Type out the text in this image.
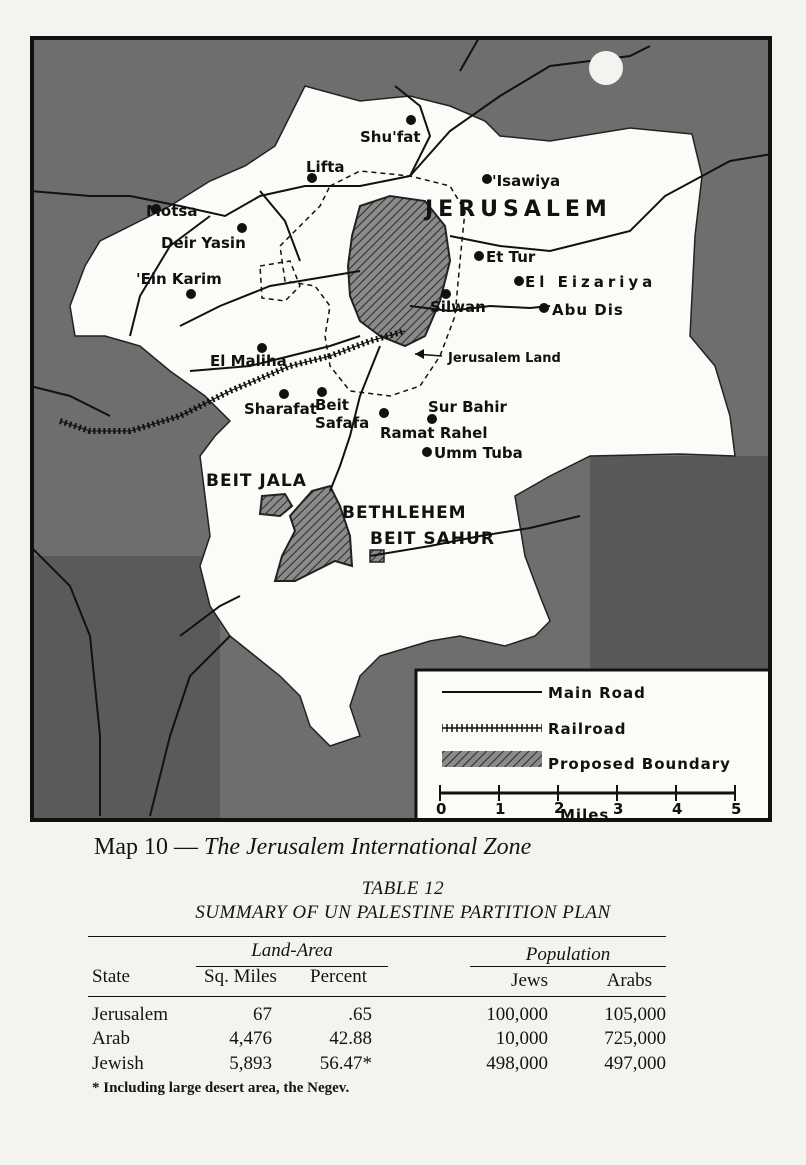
Shu'fat
Lifta
'Isawiya
JERUSALEM
Motsa
Deir Yasin
'Ein Karim
Et Tur
El Eizariya
Silwan	Abu Dis
El Maliha	Jerusalem Land
Sharafat
Beit
Safafa
Sur Bahir
Ramat Rahel
Umm Tuba
BEIT JALA
BETHLEHEM
BEIT SAHUR
Main Road
Railroad
Proposed Boundary
0	1	2	3	4	5
Miles
Map 10 — The Jerusalem International Zone
TABLE 12
SUMMARY OF UN PALESTINE PARTITION PLAN
Land-Area	Population
State	Sq. Miles Percent	Jews	Arabs
Jerusalem	67	.65	100,000	105,000
Arab	4,476	42.88	10,000	725,000
Jewish	5,893	56.47*	498,000	497,000
* Including large desert area, the Negev.
